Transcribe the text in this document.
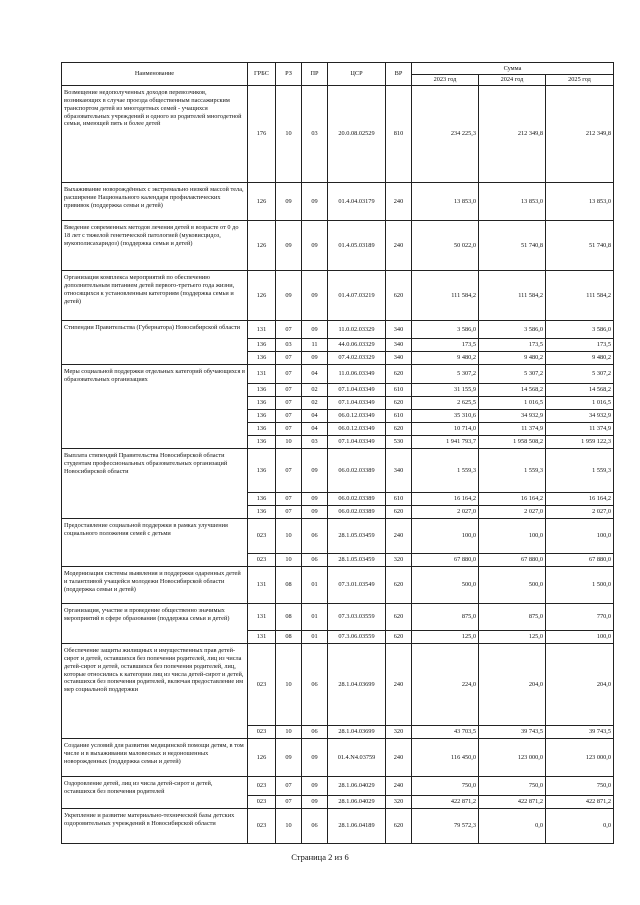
Наименование	ГРБС	РЗ	ПР	ЦСР	ВР	Сумма		
						2023 год	2024 год	2025 год
Возмещение недополученных доходов перевозчиков, возникающих в случае проезда общественным пассажирским транспортом детей из многодетных семей - учащихся образовательных учреждений и одного из родителей многодетной семьи, имеющей пять и более детей	176	10	03	20.0.08.02529	810	234 225,3	212 349,8	212 349,8
Выхаживание новорождённых с экстремально низкой массой тела, расширение Национального календаря профилактических прививок (поддержка семьи и детей)	126	09	09	01.4.04.03179	240	13 853,0	13 853,0	13 853,0
Введение современных методов лечения детей в возрасте от 0 до 18 лет с тяжелой генетической патологией (муковисцидоз, мукополисахаридоз) (поддержка семьи и детей)	126	09	09	01.4.05.03189	240	50 022,0	51 740,8	51 740,8
Организация комплекса мероприятий по обеспечению дополнительным питанием детей первого-третьего года жизни, относящихся к установленным категориям (поддержка семьи и детей)	126	09	09	01.4.07.03219	620	111 584,2	111 584,2	111 584,2
Стипендии Правительства (Губернатора) Новосибирской области	131	07	09	11.0.02.03329	340	3 586,0	3 586,0	3 586,0
	136	03	11	44.0.06.03329	340	173,5	173,5	173,5
	136	07	09	07.4.02.03329	340	9 480,2	9 480,2	9 480,2
Меры социальной поддержки отдельных категорий обучающихся в образовательных организациях	131	07	04	11.0.06.03349	620	5 307,2	5 307,2	5 307,2
	136	07	02	07.1.04.03349	610	31 155,9	14 568,2	14 568,2
	136	07	02	07.1.04.03349	620	2 625,5	1 016,5	1 016,5
	136	07	04	06.0.12.03349	610	35 310,6	34 932,9	34 932,9
	136	07	04	06.0.12.03349	620	10 714,0	11 374,9	11 374,9
	136	10	03	07.1.04.03349	530	1 941 793,7	1 958 508,2	1 959 122,3
Выплата стипендий Правительства Новосибирской области студентам профессиональных образовательных организаций Новосибирской области	136	07	09	06.0.02.03389	340	1 559,3	1 559,3	1 559,3
	136	07	09	06.0.02.03389	610	16 164,2	16 164,2	16 164,2
	136	07	09	06.0.02.03389	620	2 027,0	2 027,0	2 027,0
Предоставление социальной поддержки в рамках улучшения социального положения семей с детьми	023	10	06	28.1.05.03459	240	100,0	100,0	100,0
	023	10	06	28.1.05.03459	320	67 880,0	67 880,0	67 880,0
Модернизация системы выявления и поддержки одаренных детей и талантливой учащейся молодежи Новосибирской области (поддержка семьи и детей)	131	08	01	07.3.01.03549	620	500,0	500,0	1 500,0
Организация, участие и проведение общественно значимых мероприятий в сфере образования (поддержка семьи и детей)	131	08	01	07.3.03.03559	620	875,0	875,0	770,0
	131	08	01	07.3.06.03559	620	125,0	125,0	100,0
Обеспечение защиты жилищных и имущественных прав детей-сирот и детей, оставшихся без попечения родителей, лиц из числа детей-сирот и детей, оставшихся без попечения родителей, лиц, которые относились к категории лиц из числа детей-сирот и детей, оставшихся без попечения родителей, включая предоставление им мер социальной поддержки	023	10	06	28.1.04.03699	240	224,0	204,0	204,0
	023	10	06	28.1.04.03699	320	43 703,5	39 743,5	39 743,5
Создание условий для развития медицинской помощи детям, в том числе и в выхаживании маловесных и недоношенных новорожденных (поддержка семьи и детей)	126	09	09	01.4.N4.03759	240	116 450,0	123 000,0	123 000,0
Оздоровление детей, лиц из числа детей-сирот и детей, оставшихся без попечения родителей	023	07	09	28.1.06.04029	240	750,0	750,0	750,0
	023	07	09	28.1.06.04029	320	422 871,2	422 871,2	422 871,2
Укрепление и развитие материально-технической базы детских оздоровительных учреждений в Новосибирской области	023	10	06	28.1.06.04189	620	79 572,3	0,0	0,0
Страница 2 из 6
